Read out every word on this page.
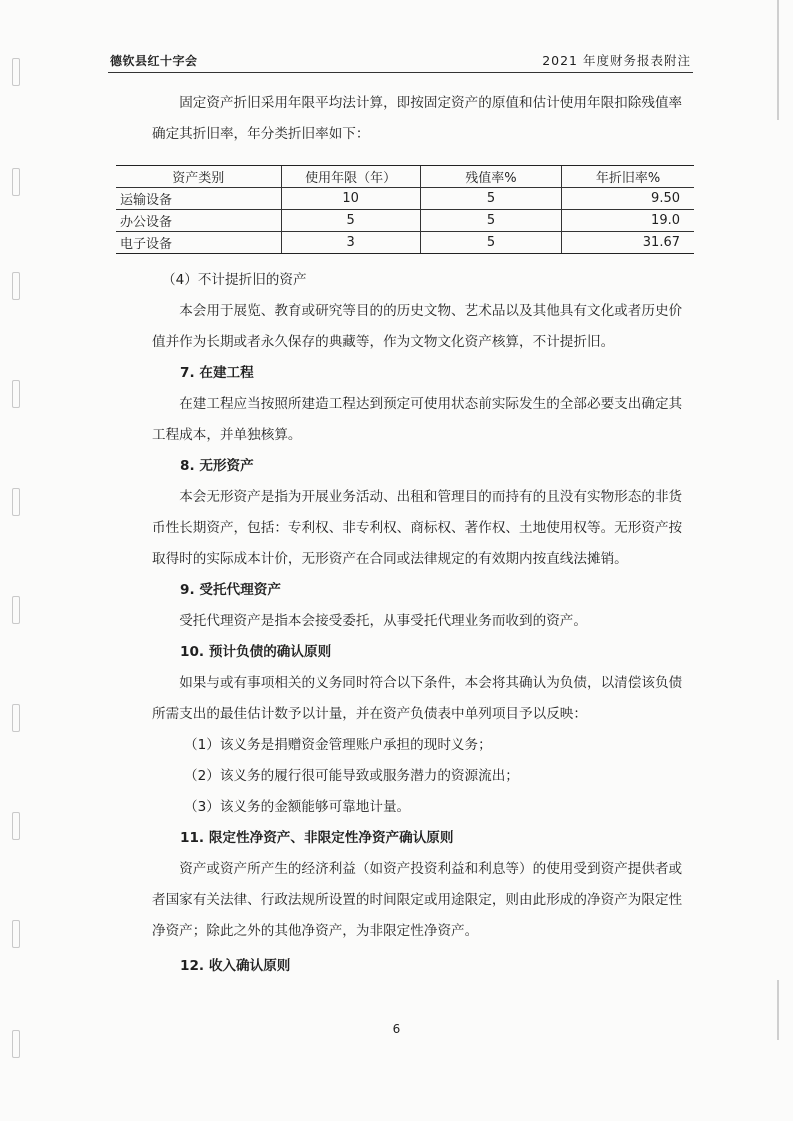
德钦县红十字会	2021 年度财务报表附注

固定资产折旧采用年限平均法计算，即按固定资产的原值和估计使用年限扣除残值率

确定其折旧率，年分类折旧率如下：

资产类别	使用年限（年）	残值率%	年折旧率%
运输设备	10	5	9.50
办公设备	5	5	19.0
电子设备	3	5	31.67

（4）不计提折旧的资产

本会用于展览、教育或研究等目的的历史文物、艺术品以及其他具有文化或者历史价值并作为长期或者永久保存的典藏等，作为文物文化资产核算，不计提折旧。

7. 在建工程

在建工程应当按照所建造工程达到预定可使用状态前实际发生的全部必要支出确定其工程成本，并单独核算。

8. 无形资产

本会无形资产是指为开展业务活动、出租和管理目的而持有的且没有实物形态的非货币性长期资产，包括：专利权、非专利权、商标权、著作权、土地使用权等。无形资产按取得时的实际成本计价，无形资产在合同或法律规定的有效期内按直线法摊销。

9. 受托代理资产

受托代理资产是指本会接受委托，从事受托代理业务而收到的资产。

10. 预计负债的确认原则

如果与或有事项相关的义务同时符合以下条件，本会将其确认为负债，以清偿该负债所需支出的最佳估计数予以计量，并在资产负债表中单列项目予以反映：

（1）该义务是捐赠资金管理账户承担的现时义务；

（2）该义务的履行很可能导致或服务潜力的资源流出；

（3）该义务的金额能够可靠地计量。

11. 限定性净资产、非限定性净资产确认原则

资产或资产所产生的经济利益（如资产投资利益和利息等）的使用受到资产提供者或者国家有关法律、行政法规所设置的时间限定或用途限定，则由此形成的净资产为限定性净资产；除此之外的其他净资产，为非限定性净资产。

12. 收入确认原则

6
